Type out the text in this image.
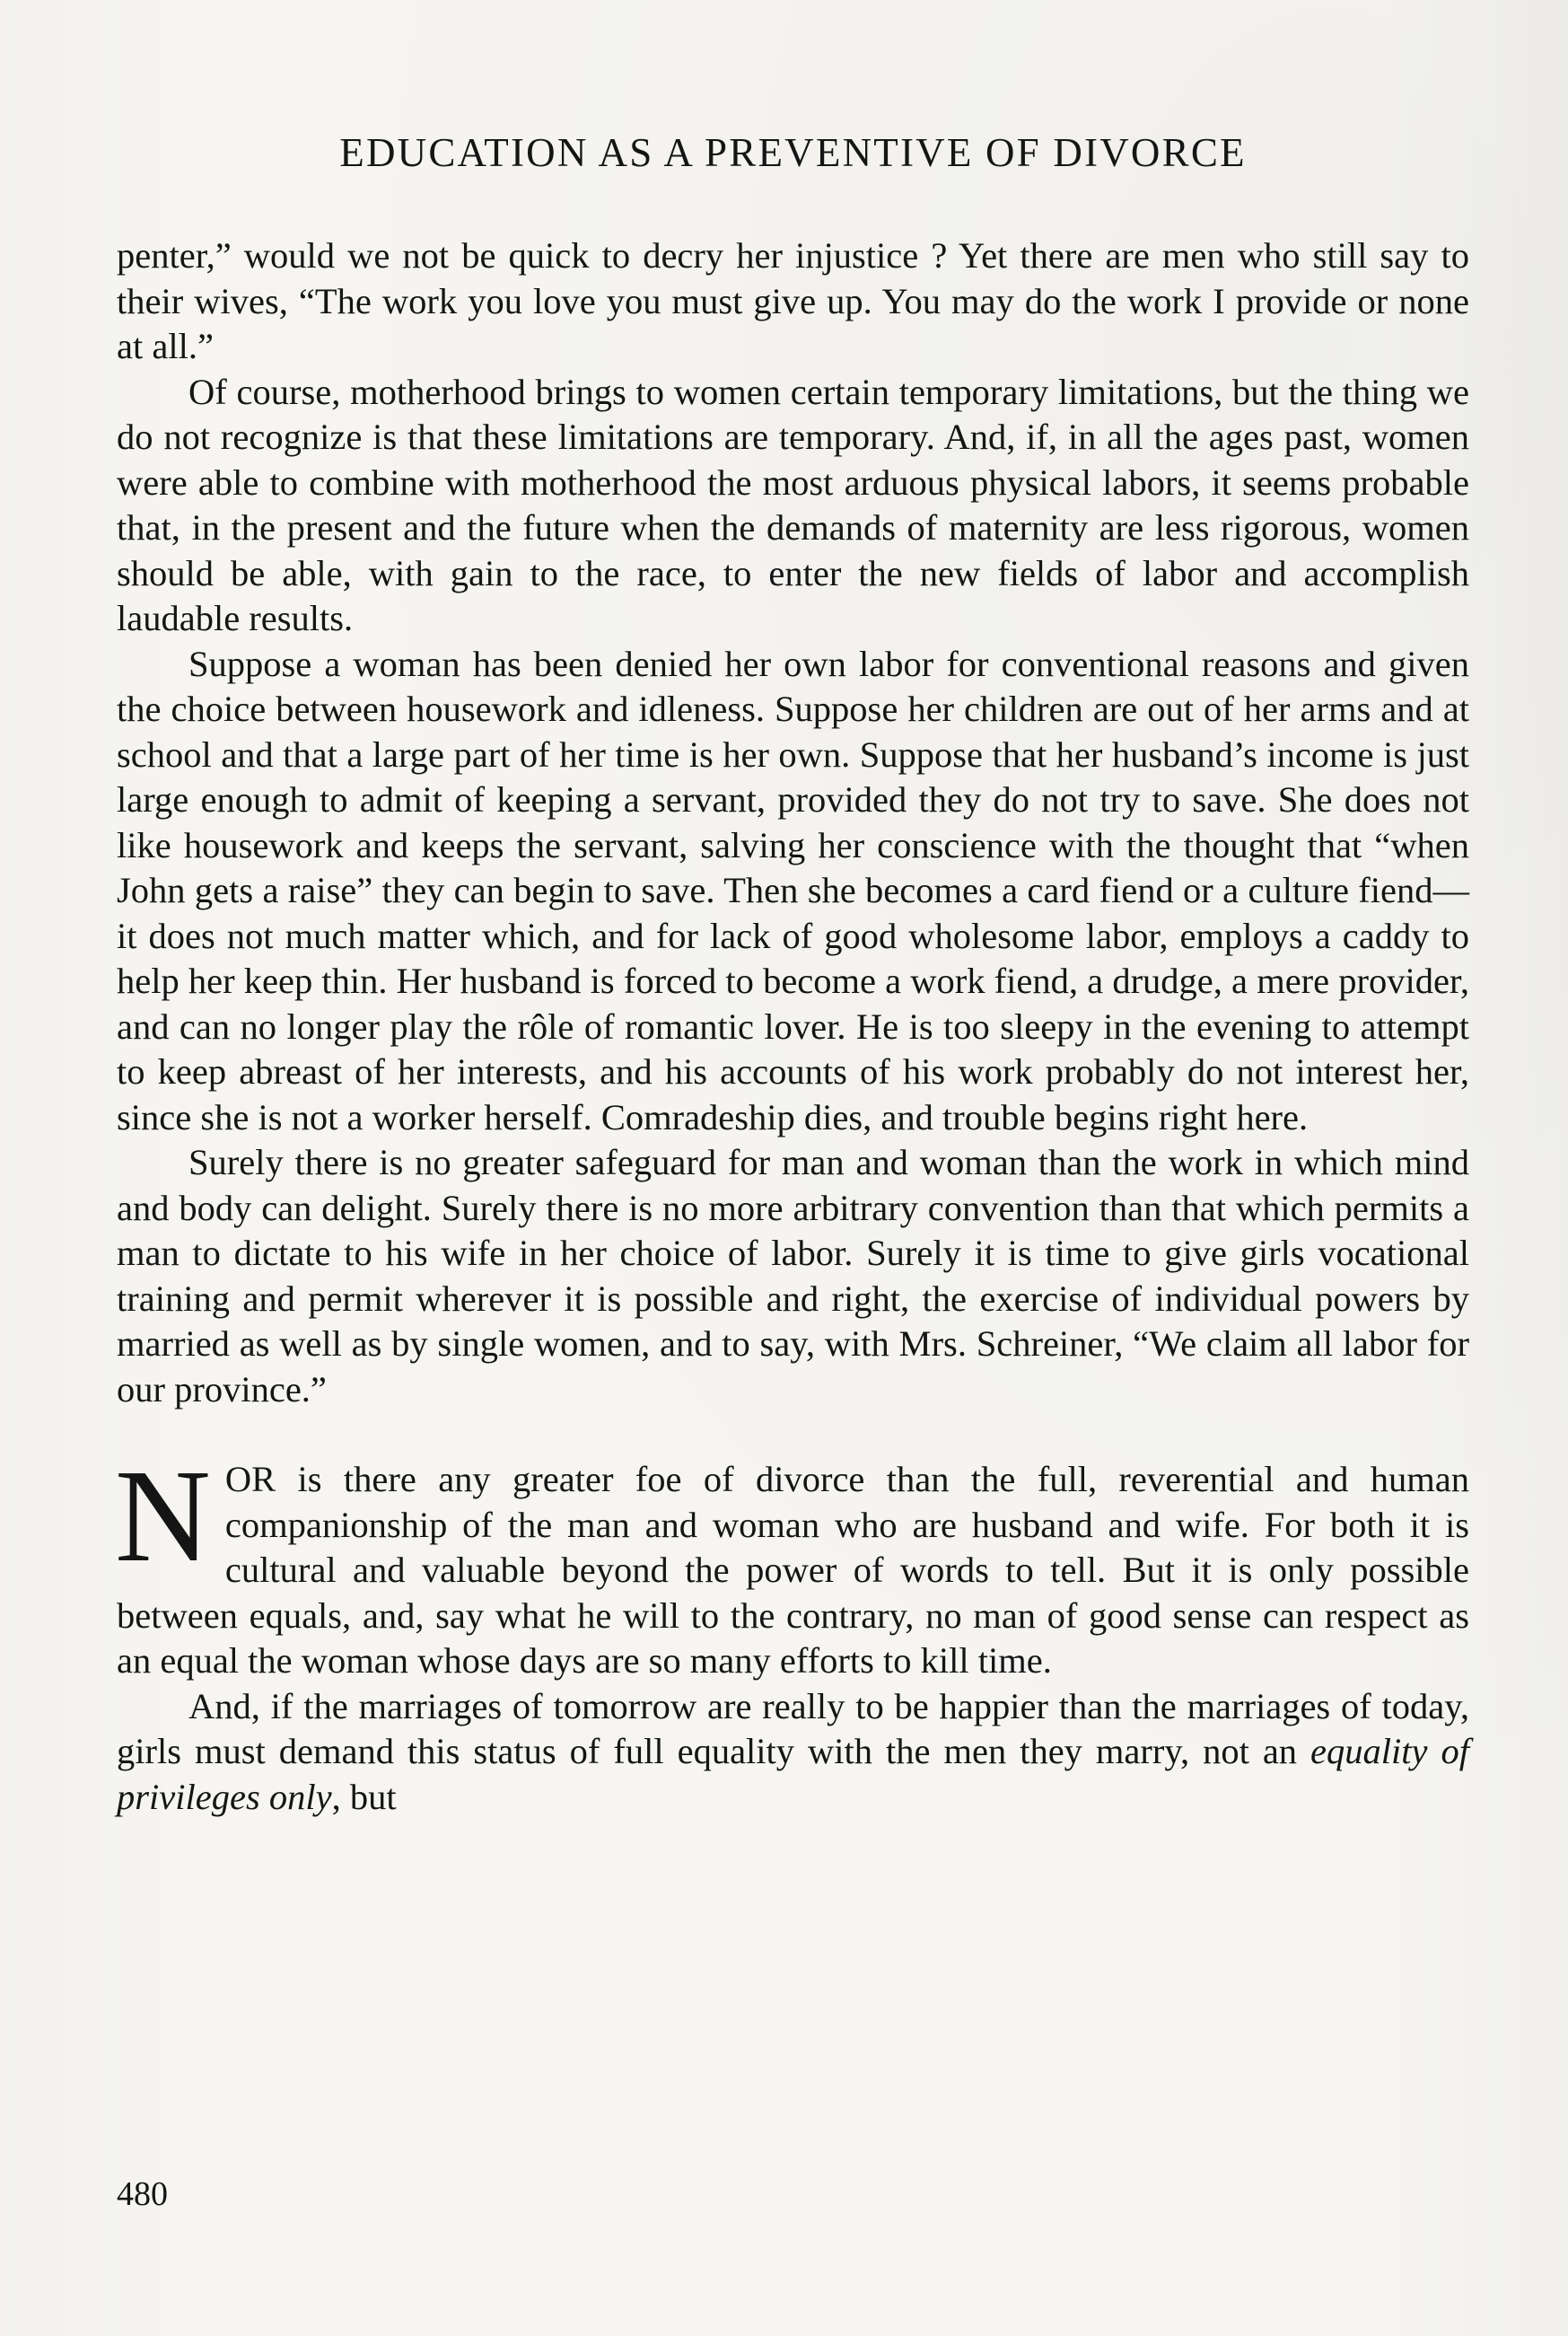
EDUCATION AS A PREVENTIVE OF DIVORCE

penter,” would we not be quick to decry her injustice ? Yet there are men who still say to their wives, “The work you love you must give up. You may do the work I provide or none at all.”

Of course, motherhood brings to women certain temporary limitations, but the thing we do not recognize is that these limitations are temporary. And, if, in all the ages past, women were able to combine with motherhood the most arduous physical labors, it seems probable that, in the present and the future when the demands of maternity are less rigorous, women should be able, with gain to the race, to enter the new fields of labor and accomplish laudable results.

Suppose a woman has been denied her own labor for conventional reasons and given the choice between housework and idleness. Suppose her children are out of her arms and at school and that a large part of her time is her own. Suppose that her husband’s income is just large enough to admit of keeping a servant, provided they do not try to save. She does not like housework and keeps the servant, salving her conscience with the thought that “when John gets a raise” they can begin to save. Then she becomes a card fiend or a culture fiend—it does not much matter which, and for lack of good wholesome labor, employs a caddy to help her keep thin. Her husband is forced to become a work fiend, a drudge, a mere provider, and can no longer play the rôle of romantic lover. He is too sleepy in the evening to attempt to keep abreast of her interests, and his accounts of his work probably do not interest her, since she is not a worker herself. Comradeship dies, and trouble begins right here.

Surely there is no greater safeguard for man and woman than the work in which mind and body can delight. Surely there is no more arbitrary convention than that which permits a man to dictate to his wife in her choice of labor. Surely it is time to give girls vocational training and permit wherever it is possible and right, the exercise of individual powers by married as well as by single women, and to say, with Mrs. Schreiner, “We claim all labor for our province.”

NOR is there any greater foe of divorce than the full, reverential and human companionship of the man and woman who are husband and wife. For both it is cultural and valuable beyond the power of words to tell. But it is only possible between equals, and, say what he will to the contrary, no man of good sense can respect as an equal the woman whose days are so many efforts to kill time.

And, if the marriages of tomorrow are really to be happier than the marriages of today, girls must demand this status of full equality with the men they marry, not an equality of privileges only, but

480
